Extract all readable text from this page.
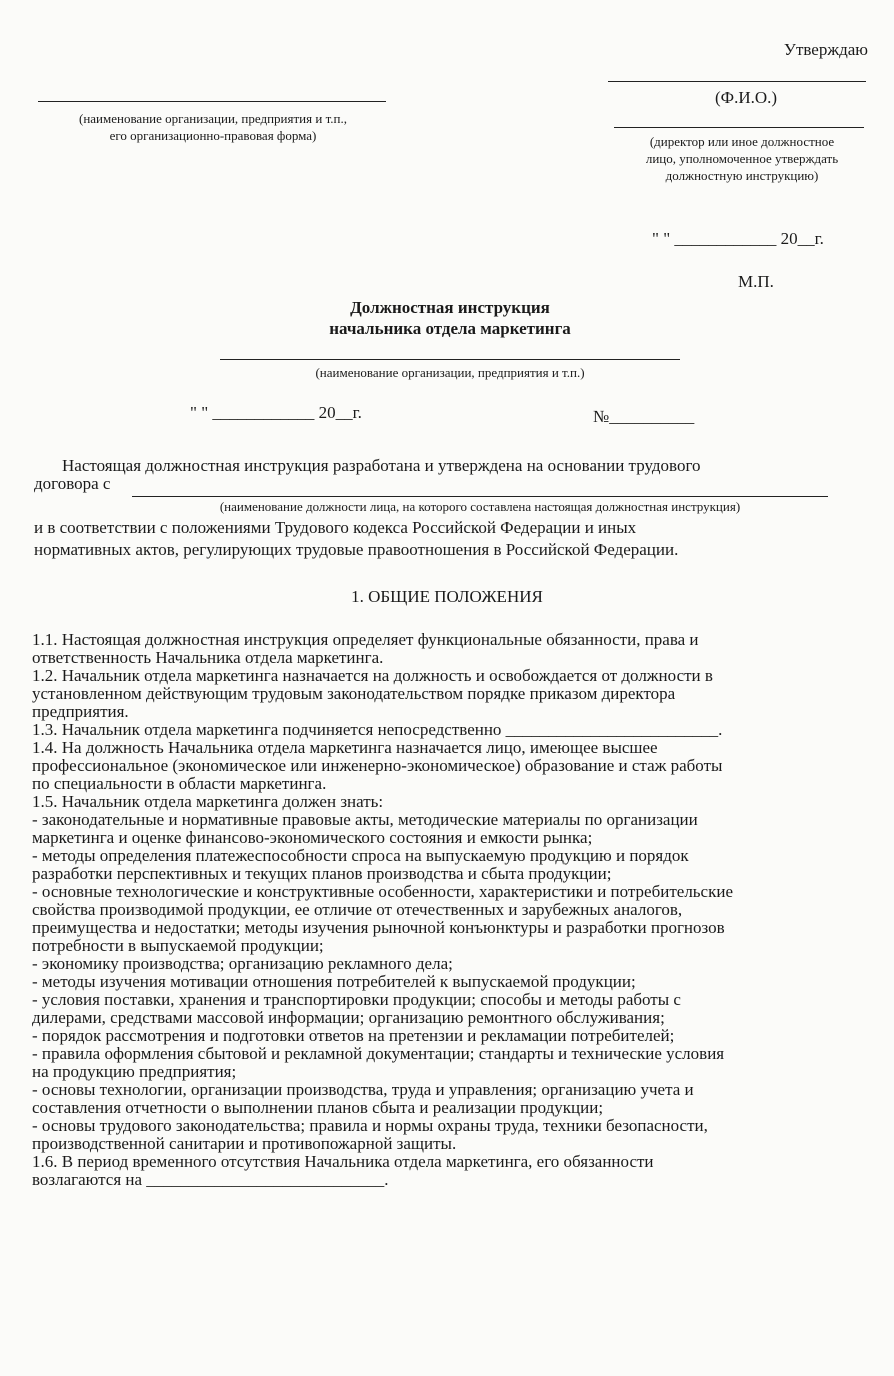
Утверждаю
(Ф.И.О.)
(наименование организации, предприятия и т.п.,
его организационно-правовая форма)	(директор или иное должностное
лицо, уполномоченное утверждать
должностную инструкцию)
" " ____________ 20__г.
М.П.
Должностная инструкция
начальника отдела маркетинга
(наименование организации, предприятия и т.п.)
" " ____________ 20__г.	№__________
Настоящая должностная инструкция разработана и утверждена на основании трудового
договора с
(наименование должности лица, на которого составлена настоящая должностная инструкция)
и в соответствии с положениями Трудового кодекса Российской Федерации и иных
нормативных актов, регулирующих трудовые правоотношения в Российской Федерации.
1. ОБЩИЕ ПОЛОЖЕНИЯ
1.1. Настоящая должностная инструкция определяет функциональные обязанности, права и
ответственность Начальника отдела маркетинга.
1.2. Начальник отдела маркетинга назначается на должность и освобождается от должности в
установленном действующим трудовым законодательством порядке приказом директора
предприятия.
1.3. Начальник отдела маркетинга подчиняется непосредственно _________________________.
1.4. На должность Начальника отдела маркетинга назначается лицо, имеющее высшее
профессиональное (экономическое или инженерно-экономическое) образование и стаж работы
по специальности в области маркетинга.
1.5. Начальник отдела маркетинга должен знать:
- законодательные и нормативные правовые акты, методические материалы по организации
маркетинга и оценке финансово-экономического состояния и емкости рынка;
- методы определения платежеспособности спроса на выпускаемую продукцию и порядок
разработки перспективных и текущих планов производства и сбыта продукции;
- основные технологические и конструктивные особенности, характеристики и потребительские
свойства производимой продукции, ее отличие от отечественных и зарубежных аналогов,
преимущества и недостатки; методы изучения рыночной конъюнктуры и разработки прогнозов
потребности в выпускаемой продукции;
- экономику производства; организацию рекламного дела;
- методы изучения мотивации отношения потребителей к выпускаемой продукции;
- условия поставки, хранения и транспортировки продукции; способы и методы работы с
дилерами, средствами массовой информации; организацию ремонтного обслуживания;
- порядок рассмотрения и подготовки ответов на претензии и рекламации потребителей;
- правила оформления сбытовой и рекламной документации; стандарты и технические условия
на продукцию предприятия;
- основы технологии, организации производства, труда и управления; организацию учета и
составления отчетности о выполнении планов сбыта и реализации продукции;
- основы трудового законодательства; правила и нормы охраны труда, техники безопасности,
производственной санитарии и противопожарной защиты.
1.6. В период временного отсутствия Начальника отдела маркетинга, его обязанности
возлагаются на ____________________________.
